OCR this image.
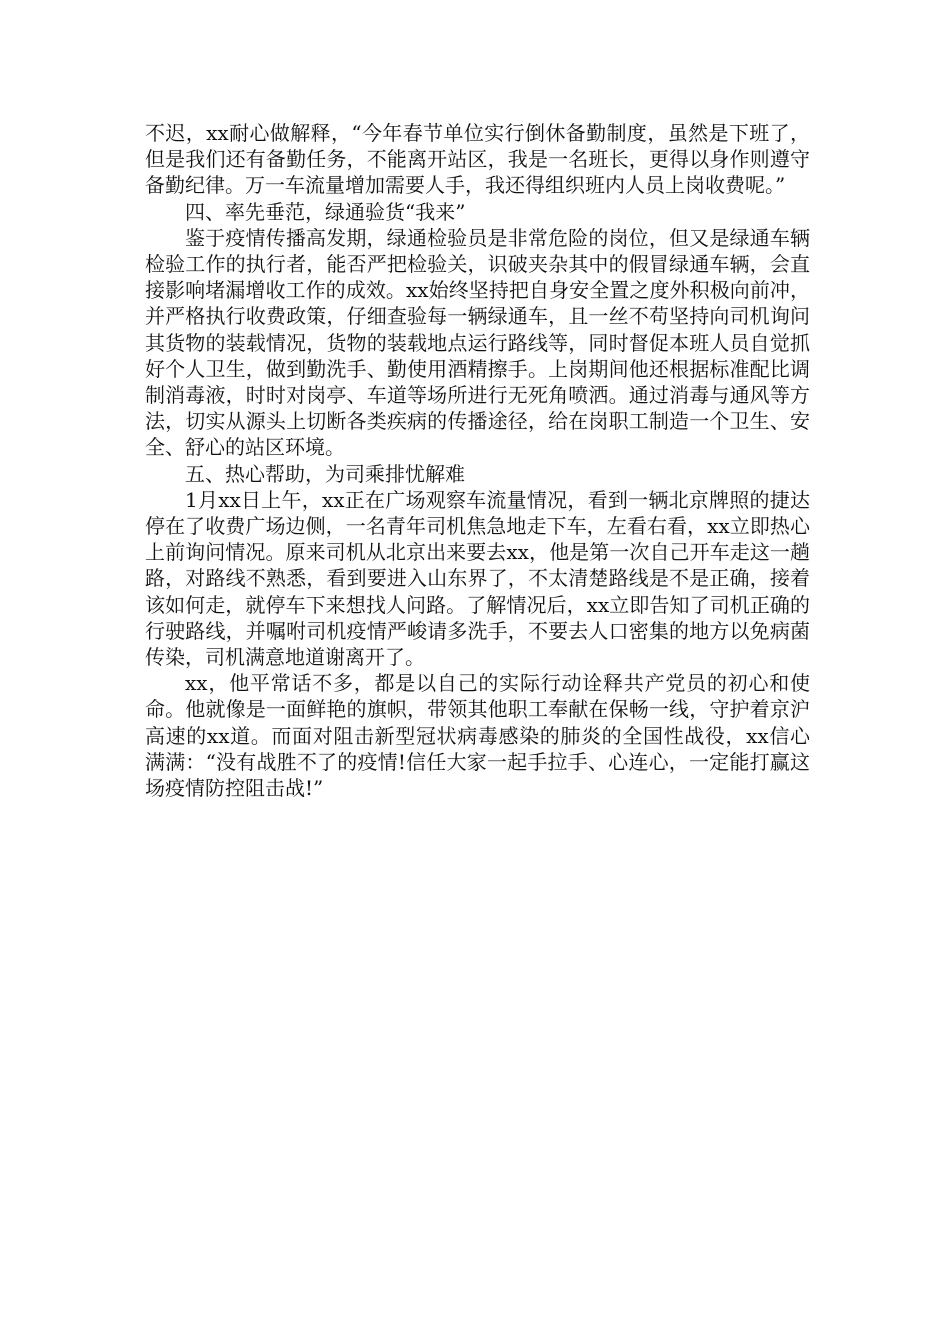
不迟，xx耐心做解释，“今年春节单位实行倒休备勤制度，虽然是下班了，但是我们还有备勤任务，不能离开站区，我是一名班长，更得以身作则遵守备勤纪律。万一车流量增加需要人手，我还得组织班内人员上岗收费呢。”

四、率先垂范，绿通验货“我来”

鉴于疫情传播高发期，绿通检验员是非常危险的岗位，但又是绿通车辆检验工作的执行者，能否严把检验关，识破夹杂其中的假冒绿通车辆，会直接影响堵漏增收工作的成效。xx始终坚持把自身安全置之度外积极向前冲，并严格执行收费政策，仔细查验每一辆绿通车，且一丝不苟坚持向司机询问其货物的装载情况，货物的装载地点运行路线等，同时督促本班人员自觉抓好个人卫生，做到勤洗手、勤使用酒精擦手。上岗期间他还根据标准配比调制消毒液，时时对岗亭、车道等场所进行无死角喷洒。通过消毒与通风等方法，切实从源头上切断各类疾病的传播途径，给在岗职工制造一个卫生、安全、舒心的站区环境。

五、热心帮助，为司乘排忧解难

1月xx日上午，xx正在广场观察车流量情况，看到一辆北京牌照的捷达停在了收费广场边侧，一名青年司机焦急地走下车，左看右看，xx立即热心上前询问情况。原来司机从北京出来要去xx，他是第一次自己开车走这一趟路，对路线不熟悉，看到要进入山东界了，不太清楚路线是不是正确，接着该如何走，就停车下来想找人问路。了解情况后，xx立即告知了司机正确的行驶路线，并嘱咐司机疫情严峻请多洗手，不要去人口密集的地方以免病菌传染，司机满意地道谢离开了。

xx，他平常话不多，都是以自己的实际行动诠释共产党员的初心和使命。他就像是一面鲜艳的旗帜，带领其他职工奉献在保畅一线，守护着京沪高速的xx道。而面对阻击新型冠状病毒感染的肺炎的全国性战役，xx信心满满：“没有战胜不了的疫情!信任大家一起手拉手、心连心，一定能打赢这场疫情防控阻击战!”
